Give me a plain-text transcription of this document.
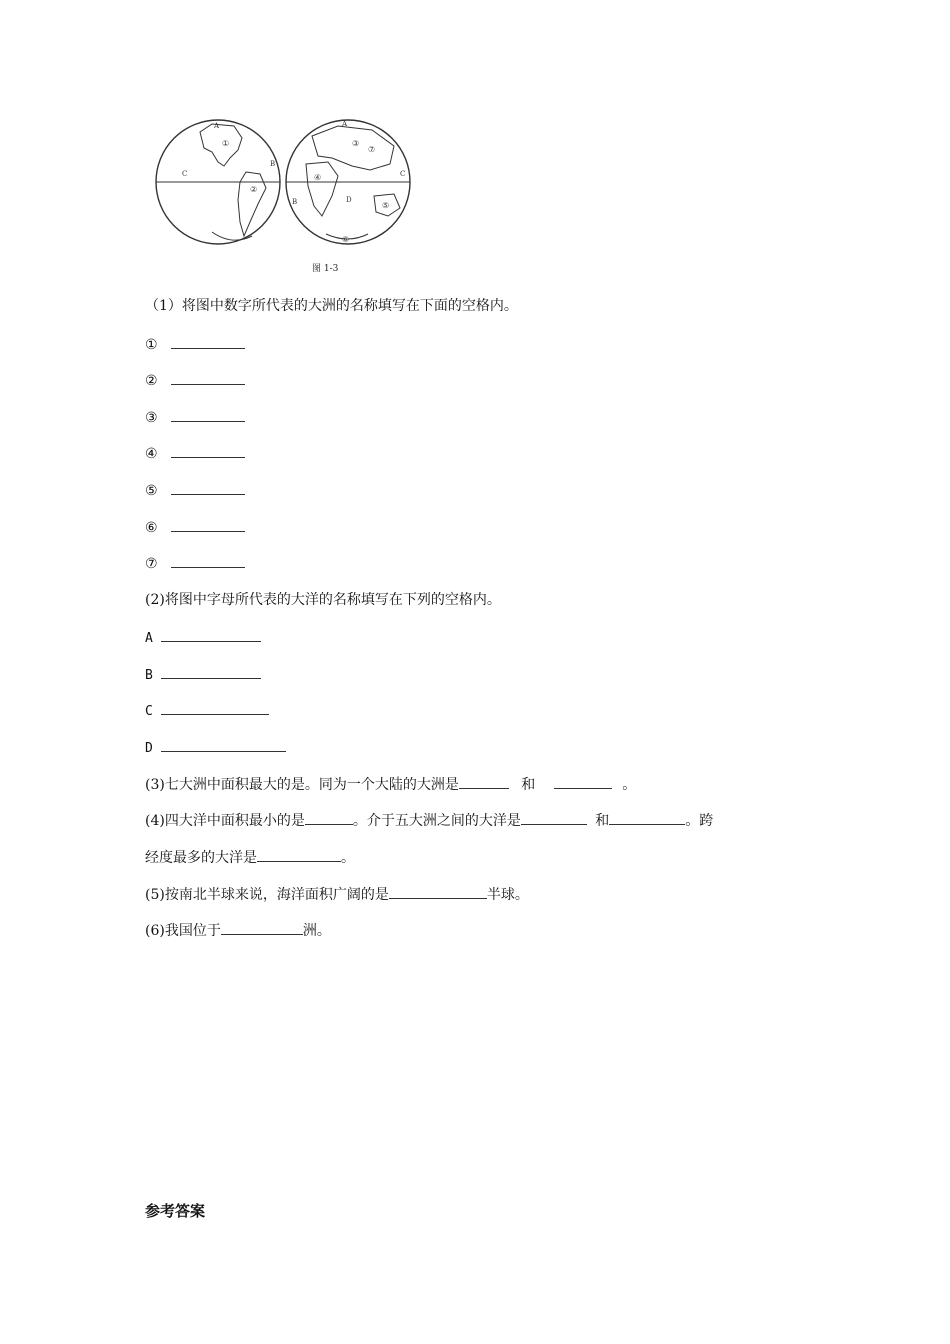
A
B
C
A
B
C
D
①
②
③
④
⑤
⑥
⑦
图 1-3
（1）将图中数字所代表的大洲的名称填写在下面的空格内。
①
②
③
④
⑤
⑥
⑦
(2)将图中字母所代表的大洋的名称填写在下列的空格内。
A
B
C
D
(3)七大洲中面积最大的是。同为一个大陆的大洲是	和	。
(4)四大洋中面积最小的是	。介于五大洲之间的大洋是	和	。跨
经度最多的大洋是	。
(5)按南北半球来说，海洋面积广阔的是	半球。
(6)我国位于	洲。
参考答案
